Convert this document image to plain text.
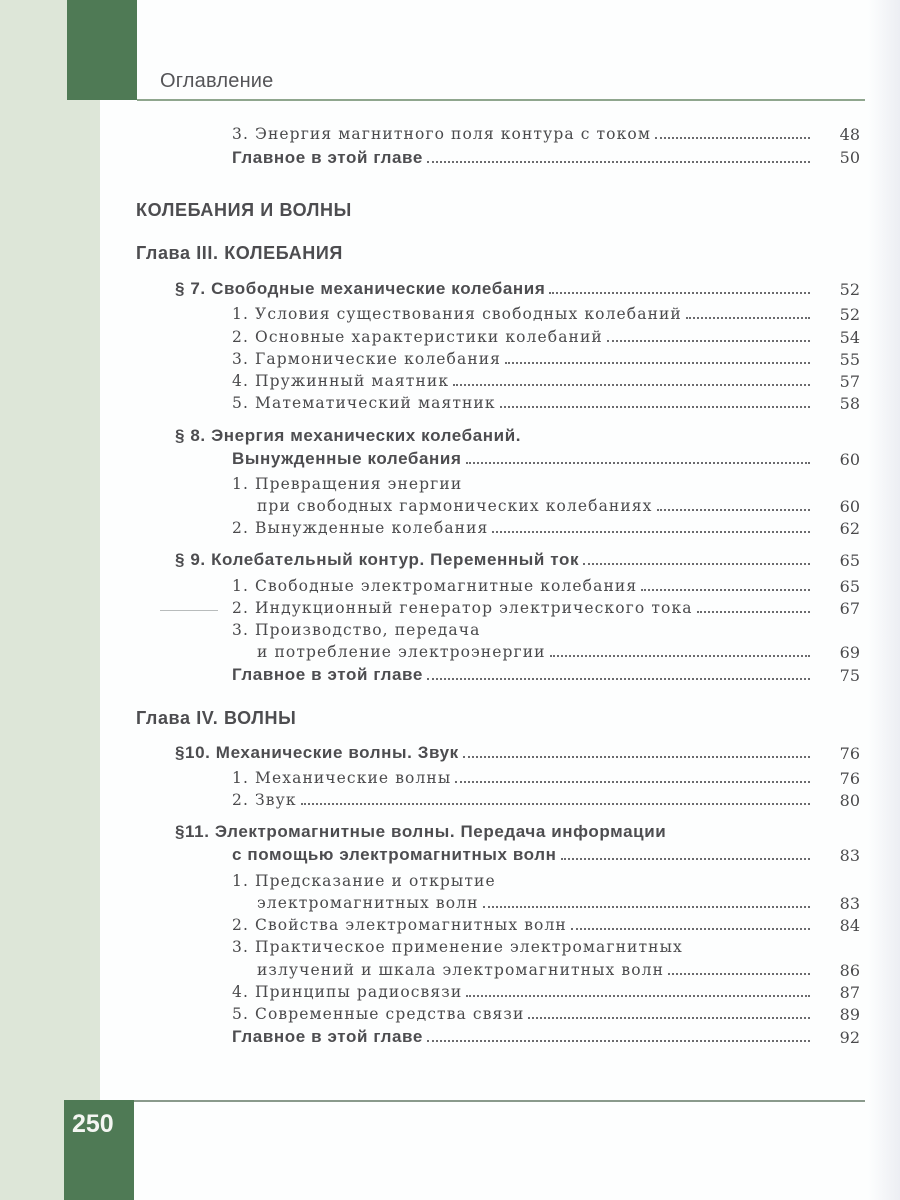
Оглавление
3. Энергия магнитного поля контура с током	48
Главное в этой главе	50
КОЛЕБАНИЯ И ВОЛНЫ
Глава III. КОЛЕБАНИЯ
§ 7. Свободные механические колебания	52
1. Условия существования свободных колебаний	52
2. Основные характеристики колебаний	54
3. Гармонические колебания	55
4. Пружинный маятник	57
5. Математический маятник	58
§ 8. Энергия механических колебаний.
Вынужденные колебания	60
1. Превращения энергии
при свободных гармонических колебаниях	60
2. Вынужденные колебания	62
§ 9. Колебательный контур. Переменный ток	65
1. Свободные электромагнитные колебания	65
2. Индукционный генератор электрического тока	67
3. Производство, передача
и потребление электроэнергии	69
Главное в этой главе	75
Глава IV. ВОЛНЫ
§10. Механические волны. Звук	76
1. Механические волны	76
2. Звук	80
§11. Электромагнитные волны. Передача информации
с помощью электромагнитных волн	83
1. Предсказание и открытие
электромагнитных волн	83
2. Свойства электромагнитных волн	84
3. Практическое применение электромагнитных
излучений и шкала электромагнитных волн	86
4. Принципы радиосвязи	87
5. Современные средства связи	89
Главное в этой главе	92
250
